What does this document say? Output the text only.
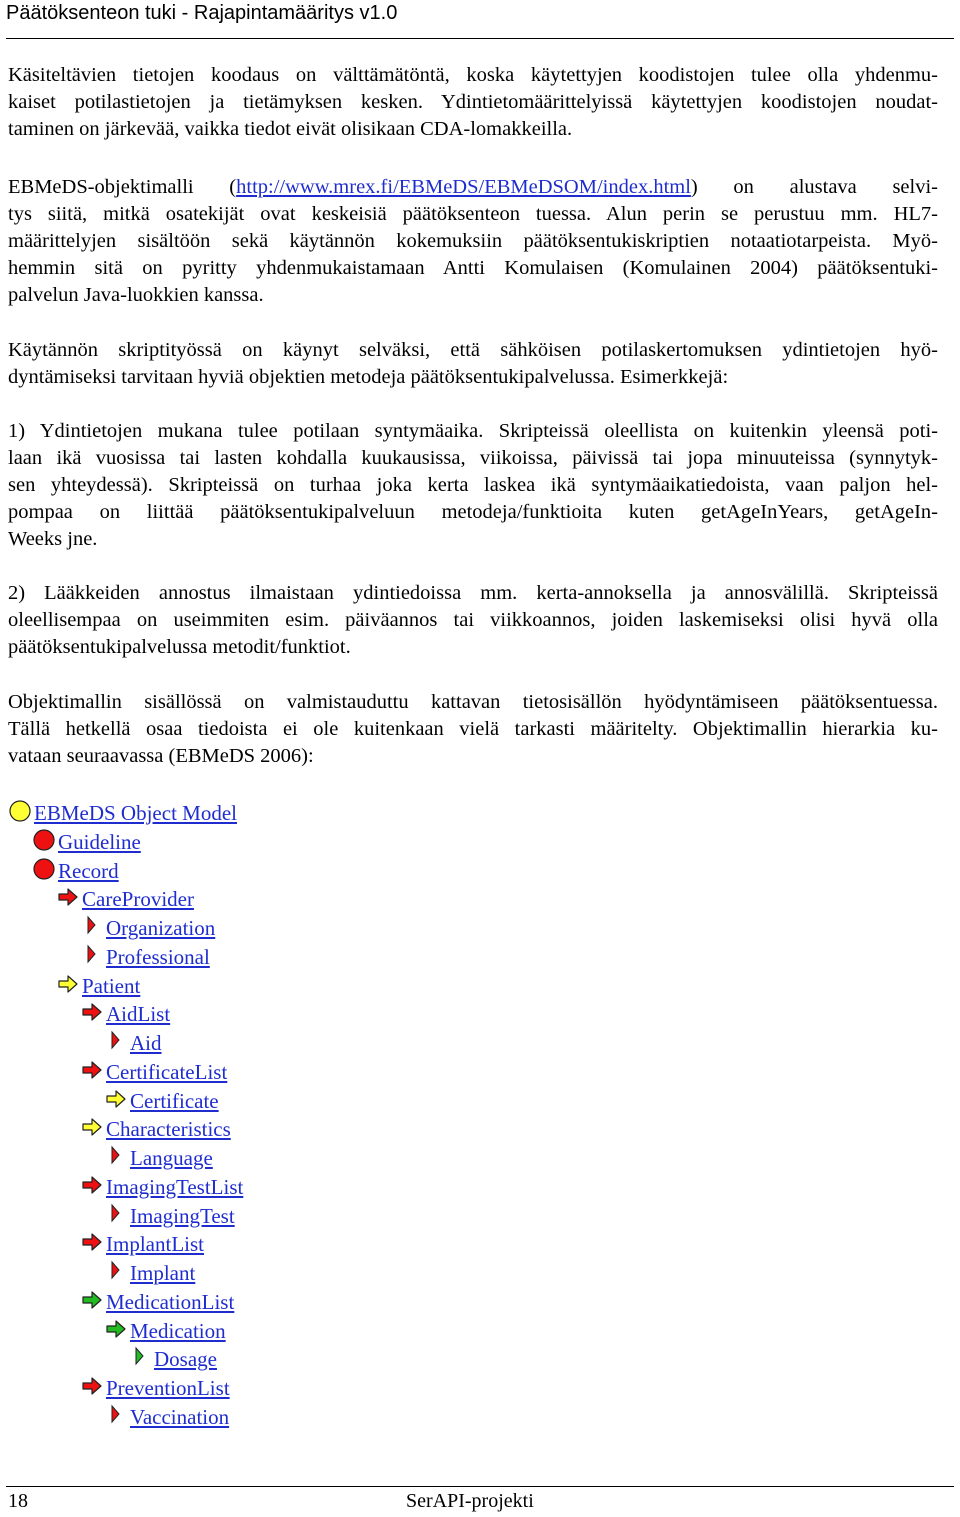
Päätöksenteon tuki - Rajapintamääritys v1.0
Käsiteltävien tietojen koodaus on välttämätöntä, koska käytettyjen koodistojen tulee olla yhdenmu-
kaiset potilastietojen ja tietämyksen kesken. Ydintietomäärittelyissä käytettyjen koodistojen noudat-
taminen on järkevää, vaikka tiedot eivät olisikaan CDA-lomakkeilla.
EBMeDS-objektimalli (http://www.mrex.fi/EBMeDS/EBMeDSOM/index.html) on alustava selvi-
tys siitä, mitkä osatekijät ovat keskeisiä päätöksenteon tuessa. Alun perin se perustuu mm. HL7-
määrittelyjen sisältöön sekä käytännön kokemuksiin päätöksentukiskriptien notaatiotarpeista. Myö-
hemmin sitä on pyritty yhdenmukaistamaan Antti Komulaisen (Komulainen 2004) päätöksentuki-
palvelun Java-luokkien kanssa.
Käytännön skriptityössä on käynyt selväksi, että sähköisen potilaskertomuksen ydintietojen hyö-
dyntämiseksi tarvitaan hyviä objektien metodeja päätöksentukipalvelussa. Esimerkkejä:
1) Ydintietojen mukana tulee potilaan syntymäaika. Skripteissä oleellista on kuitenkin yleensä poti-
laan ikä vuosissa tai lasten kohdalla kuukausissa, viikoissa, päivissä tai jopa minuuteissa (synnytyk-
sen yhteydessä). Skripteissä on turhaa joka kerta laskea ikä syntymäaikatiedoista, vaan paljon hel-
pompaa on liittää päätöksentukipalveluun metodeja/funktioita kuten getAgeInYears, getAgeIn-
Weeks jne.
2) Lääkkeiden annostus ilmaistaan ydintiedoissa mm. kerta-annoksella ja annosvälillä. Skripteissä
oleellisempaa on useimmiten esim. päiväannos tai viikkoannos, joiden laskemiseksi olisi hyvä olla
päätöksentukipalvelussa metodit/funktiot.
Objektimallin sisällössä on valmistauduttu kattavan tietosisällön hyödyntämiseen päätöksentuessa.
Tällä hetkellä osaa tiedoista ei ole kuitenkaan vielä tarkasti määritelty. Objektimallin hierarkia ku-
vataan seuraavassa (EBMeDS 2006):
EBMeDS Object Model
Guideline
Record
CareProvider
Organization
Professional
Patient
AidList
Aid
CertificateList
Certificate
Characteristics
Language
ImagingTestList
ImagingTest
ImplantList
Implant
MedicationList
Medication
Dosage
PreventionList
Vaccination
18	SerAPI-projekti
